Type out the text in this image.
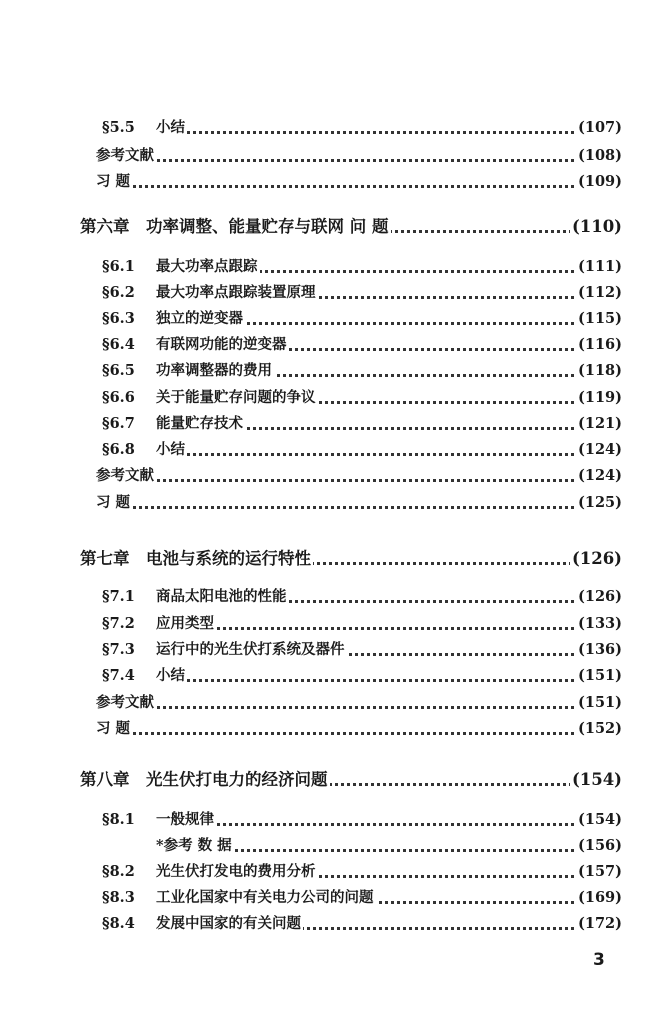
§5.5 小结	(107)
参考文献	(108)
习 题	(109)
第六章　功率调整、能量贮存与联网 问 题	(110)
§6.1 最大功率点跟踪	(111)
§6.2 最大功率点跟踪装置原理	(112)
§6.3 独立的逆变器	(115)
§6.4 有联网功能的逆变器	(116)
§6.5 功率调整器的费用	(118)
§6.6 关于能量贮存问题的争议	(119)
§6.7 能量贮存技术	(121)
§6.8 小结	(124)
参考文献	(124)
习 题	(125)
第七章　电池与系统的运行特性	(126)
§7.1 商品太阳电池的性能	(126)
§7.2 应用类型	(133)
§7.3 运行中的光生伏打系统及器件	(136)
§7.4 小结	(151)
参考文献	(151)
习 题	(152)
第八章　光生伏打电力的经济问题	(154)
§8.1 一般规律	(154)
*参考 数 据	(156)
§8.2 光生伏打发电的费用分析	(157)
§8.3 工业化国家中有关电力公司的问题	(169)
§8.4 发展中国家的有关问题	(172)
3
